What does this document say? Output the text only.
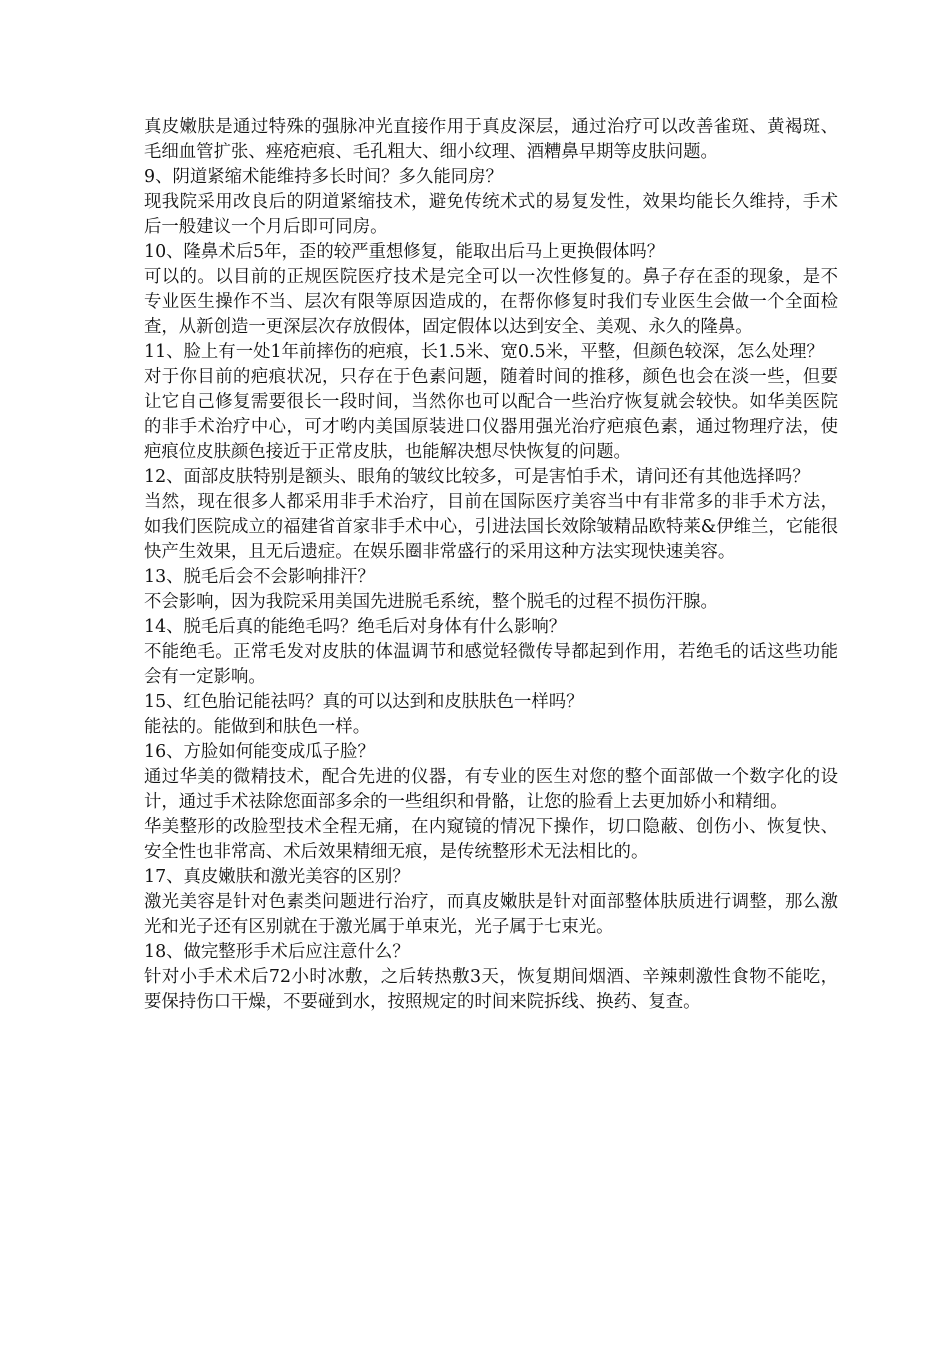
真皮嫩肤是通过特殊的强脉冲光直接作用于真皮深层，通过治疗可以改善雀斑、黄褐斑、毛细血管扩张、痤疮疤痕、毛孔粗大、细小纹理、酒糟鼻早期等皮肤问题。

9、阴道紧缩术能维持多长时间？多久能同房？

现我院采用改良后的阴道紧缩技术，避免传统术式的易复发性，效果均能长久维持，手术后一般建议一个月后即可同房。

10、隆鼻术后5年，歪的较严重想修复，能取出后马上更换假体吗？

可以的。以目前的正规医院医疗技术是完全可以一次性修复的。鼻子存在歪的现象，是不专业医生操作不当、层次有限等原因造成的，在帮你修复时我们专业医生会做一个全面检查，从新创造一更深层次存放假体，固定假体以达到安全、美观、永久的隆鼻。

11、脸上有一处1年前摔伤的疤痕，长1.5米、宽0.5米，平整，但颜色较深，怎么处理？

对于你目前的疤痕状况，只存在于色素问题，随着时间的推移，颜色也会在淡一些，但要让它自己修复需要很长一段时间，当然你也可以配合一些治疗恢复就会较快。如华美医院的非手术治疗中心，可才哟内美国原装进口仪器用强光治疗疤痕色素，通过物理疗法，使疤痕位皮肤颜色接近于正常皮肤，也能解决想尽快恢复的问题。

12、面部皮肤特别是额头、眼角的皱纹比较多，可是害怕手术，请问还有其他选择吗？

当然，现在很多人都采用非手术治疗，目前在国际医疗美容当中有非常多的非手术方法，如我们医院成立的福建省首家非手术中心，引进法国长效除皱精品欧特莱&伊维兰，它能很快产生效果，且无后遗症。在娱乐圈非常盛行的采用这种方法实现快速美容。

13、脱毛后会不会影响排汗？

不会影响，因为我院采用美国先进脱毛系统，整个脱毛的过程不损伤汗腺。

14、脱毛后真的能绝毛吗？绝毛后对身体有什么影响？

不能绝毛。正常毛发对皮肤的体温调节和感觉轻微传导都起到作用，若绝毛的话这些功能会有一定影响。

15、红色胎记能祛吗？真的可以达到和皮肤肤色一样吗？

能祛的。能做到和肤色一样。

16、方脸如何能变成瓜子脸？

通过华美的微精技术，配合先进的仪器，有专业的医生对您的整个面部做一个数字化的设计，通过手术祛除您面部多余的一些组织和骨骼，让您的脸看上去更加娇小和精细。

华美整形的改脸型技术全程无痛，在内窥镜的情况下操作，切口隐蔽、创伤小、恢复快、安全性也非常高、术后效果精细无痕，是传统整形术无法相比的。

17、真皮嫩肤和激光美容的区别？

激光美容是针对色素类问题进行治疗，而真皮嫩肤是针对面部整体肤质进行调整，那么激光和光子还有区别就在于激光属于单束光，光子属于七束光。

18、做完整形手术后应注意什么？

针对小手术术后72小时冰敷，之后转热敷3天，恢复期间烟酒、辛辣刺激性食物不能吃，要保持伤口干燥，不要碰到水，按照规定的时间来院拆线、换药、复查。
